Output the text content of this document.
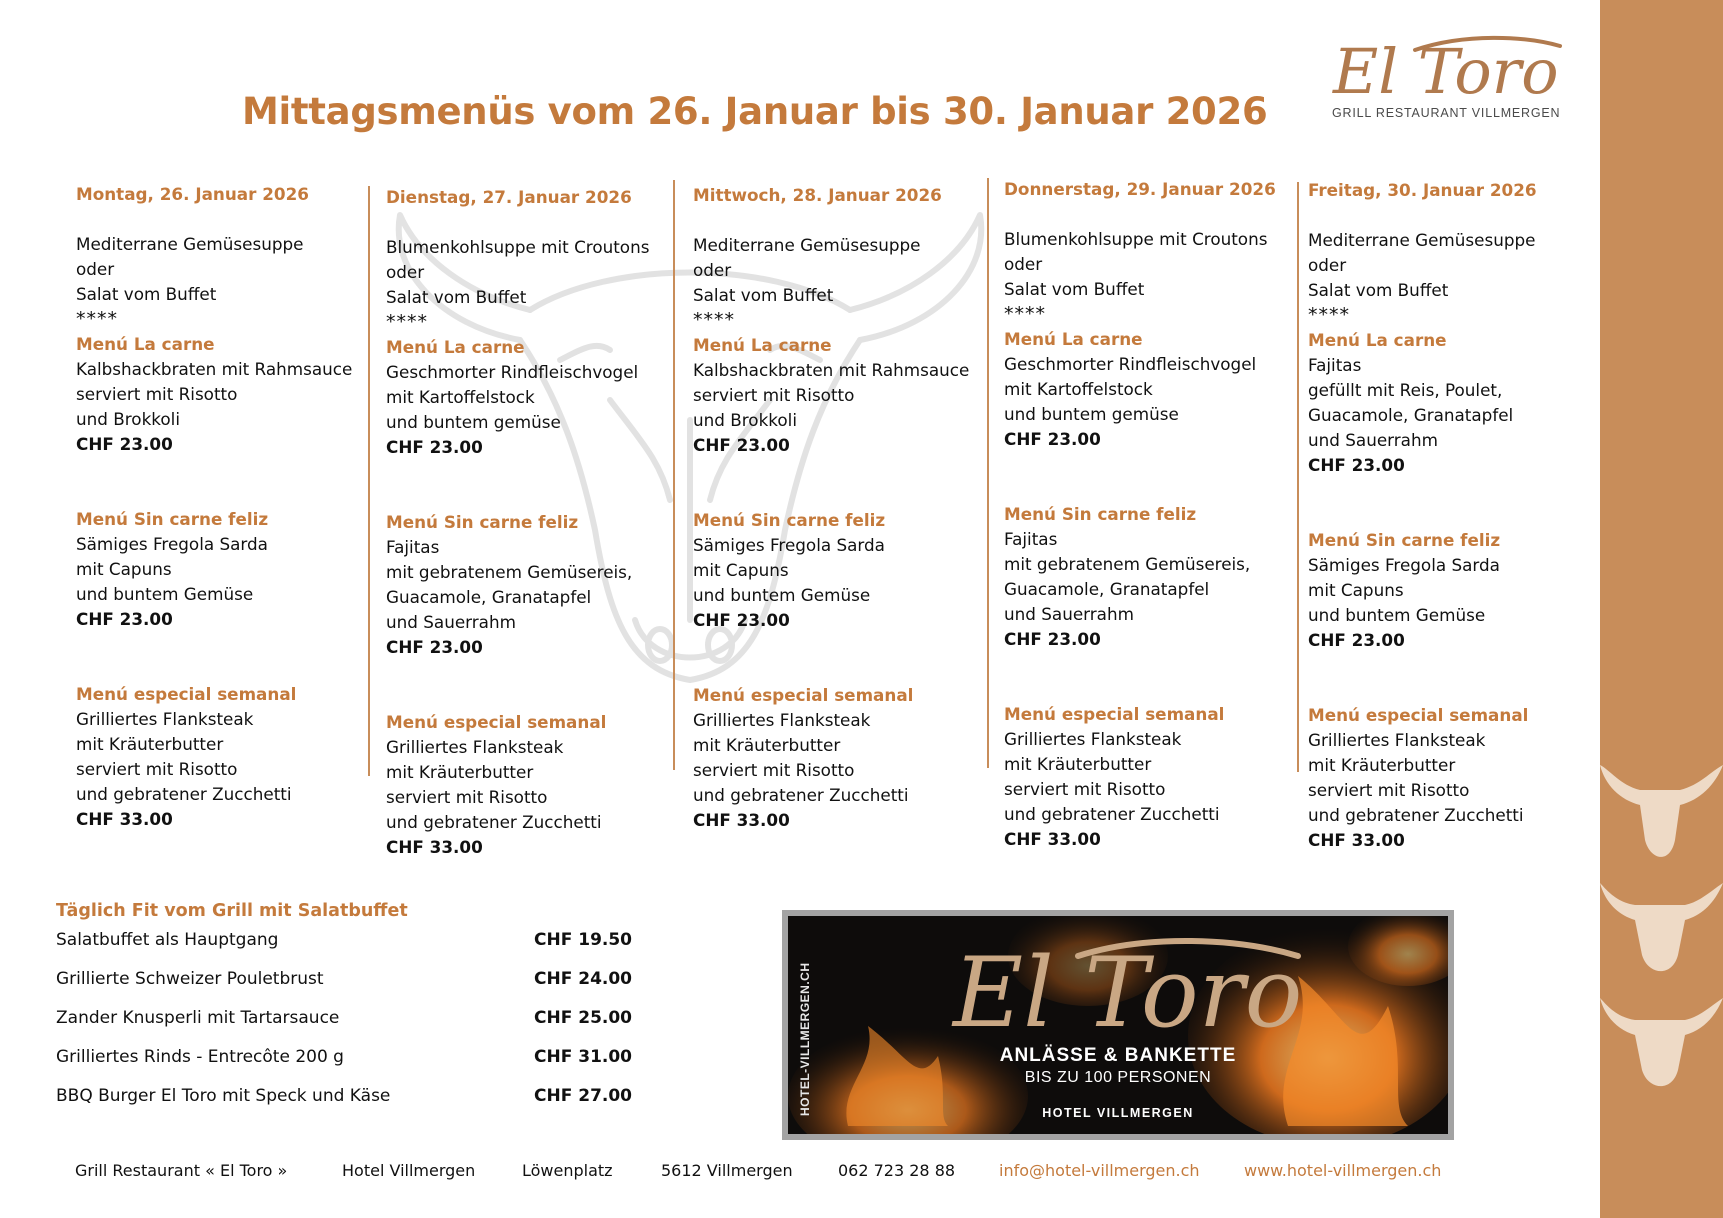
El Toro
GRILL RESTAURANT VILLMERGEN
Mittagsmenüs vom 26. Januar bis 30. Januar 2026
Montag, 26. Januar 2026
Mediterrane Gemüsesuppe
oder
Salat vom Buffet
****
Menú La carne
Kalbshackbraten mit Rahmsauce
serviert mit Risotto
und Brokkoli
CHF 23.00
Menú Sin carne feliz
Sämiges Fregola Sarda
mit Capuns
und buntem Gemüse
CHF 23.00
Menú especial semanal
Grilliertes Flanksteak
mit Kräuterbutter
serviert mit Risotto
und gebratener Zucchetti
CHF 33.00
Dienstag, 27. Januar 2026
Blumenkohlsuppe mit Croutons
oder
Salat vom Buffet
****
Menú La carne
Geschmorter Rindfleischvogel
mit Kartoffelstock
und buntem gemüse
CHF 23.00
Menú Sin carne feliz
Fajitas
mit gebratenem Gemüsereis,
Guacamole, Granatapfel
und Sauerrahm
CHF 23.00
Menú especial semanal
Grilliertes Flanksteak
mit Kräuterbutter
serviert mit Risotto
und gebratener Zucchetti
CHF 33.00
Mittwoch, 28. Januar 2026
Mediterrane Gemüsesuppe
oder
Salat vom Buffet
****
Menú La carne
Kalbshackbraten mit Rahmsauce
serviert mit Risotto
und Brokkoli
CHF 23.00
Menú Sin carne feliz
Sämiges Fregola Sarda
mit Capuns
und buntem Gemüse
CHF 23.00
Menú especial semanal
Grilliertes Flanksteak
mit Kräuterbutter
serviert mit Risotto
und gebratener Zucchetti
CHF 33.00
Donnerstag, 29. Januar 2026
Blumenkohlsuppe mit Croutons
oder
Salat vom Buffet
****
Menú La carne
Geschmorter Rindfleischvogel
mit Kartoffelstock
und buntem gemüse
CHF 23.00
Menú Sin carne feliz
Fajitas
mit gebratenem Gemüsereis,
Guacamole, Granatapfel
und Sauerrahm
CHF 23.00
Menú especial semanal
Grilliertes Flanksteak
mit Kräuterbutter
serviert mit Risotto
und gebratener Zucchetti
CHF 33.00
Freitag, 30. Januar 2026
Mediterrane Gemüsesuppe
oder
Salat vom Buffet
****
Menú La carne
Fajitas
gefüllt mit Reis, Poulet,
Guacamole, Granatapfel
und Sauerrahm
CHF 23.00
Menú Sin carne feliz
Sämiges Fregola Sarda
mit Capuns
und buntem Gemüse
CHF 23.00
Menú especial semanal
Grilliertes Flanksteak
mit Kräuterbutter
serviert mit Risotto
und gebratener Zucchetti
CHF 33.00
Täglich Fit vom Grill mit Salatbuffet
Salatbuffet als Hauptgang	CHF 19.50
Grillierte Schweizer Pouletbrust	CHF 24.00
Zander Knusperli mit Tartarsauce	CHF 25.00
Grilliertes Rinds - Entrecôte 200 g	CHF 31.00
BBQ Burger El Toro mit Speck und Käse	CHF 27.00	HOTEL-VILLMERGEN.CH El Toro
ANLÄSSE & BANKETTE
BIS ZU 100 PERSONEN
HOTEL VILLMERGEN
Grill Restaurant « El Toro »	Hotel Villmergen	Löwenplatz	5612 Villmergen	062 723 28 88	info@hotel-villmergen.ch	www.hotel-villmergen.ch
